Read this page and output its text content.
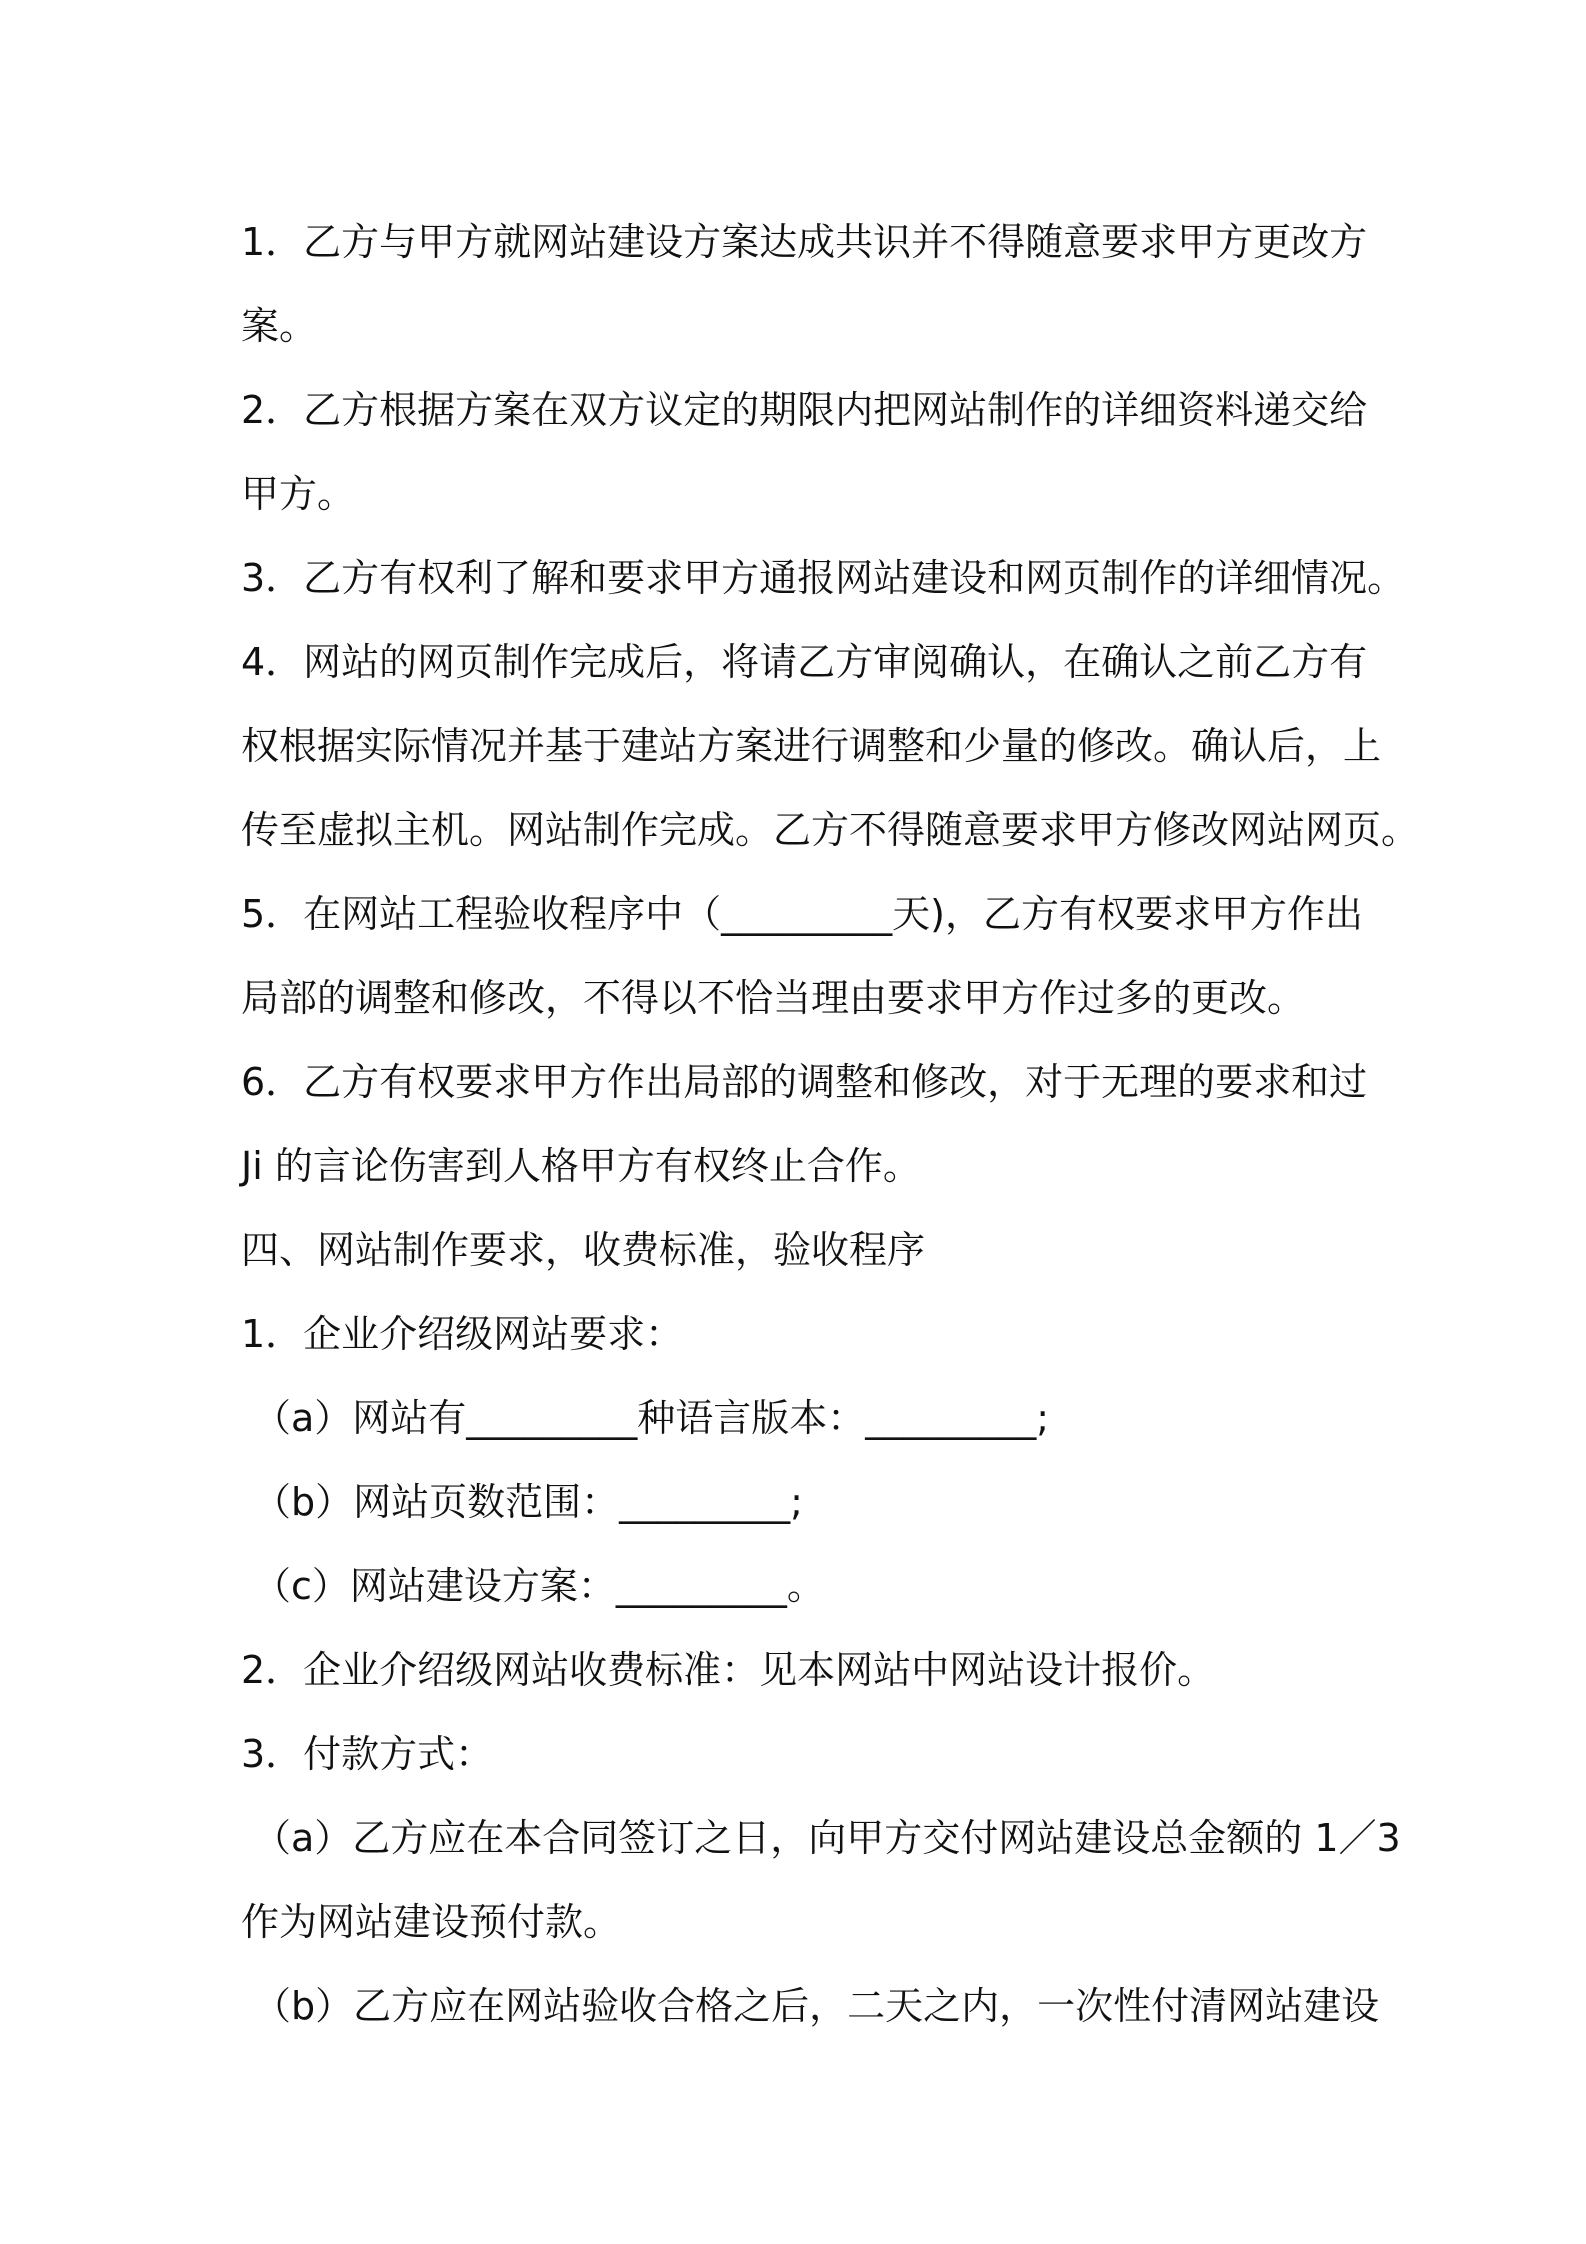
1．乙方与甲方就网站建设方案达成共识并不得随意要求甲方更改方
案。
2．乙方根据方案在双方议定的期限内把网站制作的详细资料递交给
甲方。
3．乙方有权利了解和要求甲方通报网站建设和网页制作的详细情况。
4．网站的网页制作完成后，将请乙方审阅确认，在确认之前乙方有
权根据实际情况并基于建站方案进行调整和少量的修改。确认后，上
传至虚拟主机。网站制作完成。乙方不得随意要求甲方修改网站网页。
5．在网站工程验收程序中（_________天)，乙方有权要求甲方作出
局部的调整和修改，不得以不恰当理由要求甲方作过多的更改。
6．乙方有权要求甲方作出局部的调整和修改，对于无理的要求和过
Ji 的言论伤害到人格甲方有权终止合作。
四、网站制作要求，收费标准，验收程序
1．企业介绍级网站要求：
（a）网站有_________种语言版本：_________;
（b）网站页数范围：_________;
（c）网站建设方案：_________。
2．企业介绍级网站收费标准：见本网站中网站设计报价。
3．付款方式：
（a）乙方应在本合同签订之日，向甲方交付网站建设总金额的 1／3
作为网站建设预付款。
（b）乙方应在网站验收合格之后，二天之内，一次性付清网站建设
